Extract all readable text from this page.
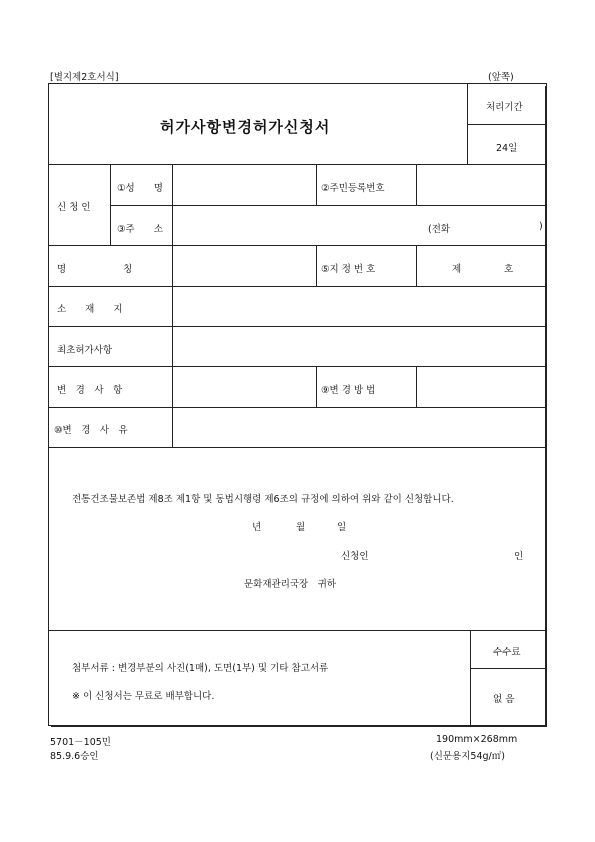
[별지제2호서식]	(앞쪽)
허가사항변경허가신청서
처리기간
24일
신 청 인
①성　　명	②주민등록번호
③주　　소	(전화	)
명　　　　　　칭	⑤지 정 번 호	제	호
소　　재　　지
최초허가사항
변　경　사　항	⑨변 경 방 법
⑩변　경　사　유
전통건조물보존법 제8조 제1항 및 동법시행령 제6조의 규정에 의하여 위와 같이 신청합니다.
년	월	일
신청인	인
문화재관리국장　귀하
첨부서류 : 변경부분의 사진(1매), 도면(1부) 및 기타 참고서류
※ 이 신청서는 무료로 배부합니다.
수수료
없 음
5701－105민
85.9.6승인
190mm×268mm
(신문용지54g/㎡)
